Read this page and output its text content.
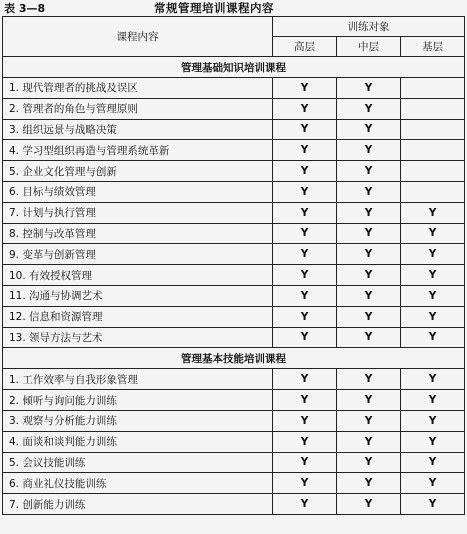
表 3—8	常规管理培训课程内容
课程内容	训练对象		
	高层	中层	基层
管理基础知识培训课程			
1. 现代管理者的挑战及误区	Y	Y	
2. 管理者的角色与管理原则	Y	Y	
3. 组织远景与战略决策	Y	Y	
4. 学习型组织再造与管理系统革新	Y	Y	
5. 企业文化管理与创新	Y	Y	
6. 目标与绩效管理	Y	Y	
7. 计划与执行管理	Y	Y	Y
8. 控制与改革管理	Y	Y	Y
9. 变革与创新管理	Y	Y	Y
10. 有效授权管理	Y	Y	Y
11. 沟通与协调艺术	Y	Y	Y
12. 信息和资源管理	Y	Y	Y
13. 领导方法与艺术	Y	Y	Y
管理基本技能培训课程			
1. 工作效率与自我形象管理	Y	Y	Y
2. 倾听与询问能力训练	Y	Y	Y
3. 观察与分析能力训练	Y	Y	Y
4. 面谈和谈判能力训练	Y	Y	Y
5. 会议技能训练	Y	Y	Y
6. 商业礼仪技能训练	Y	Y	Y
7. 创新能力训练	Y	Y	Y
